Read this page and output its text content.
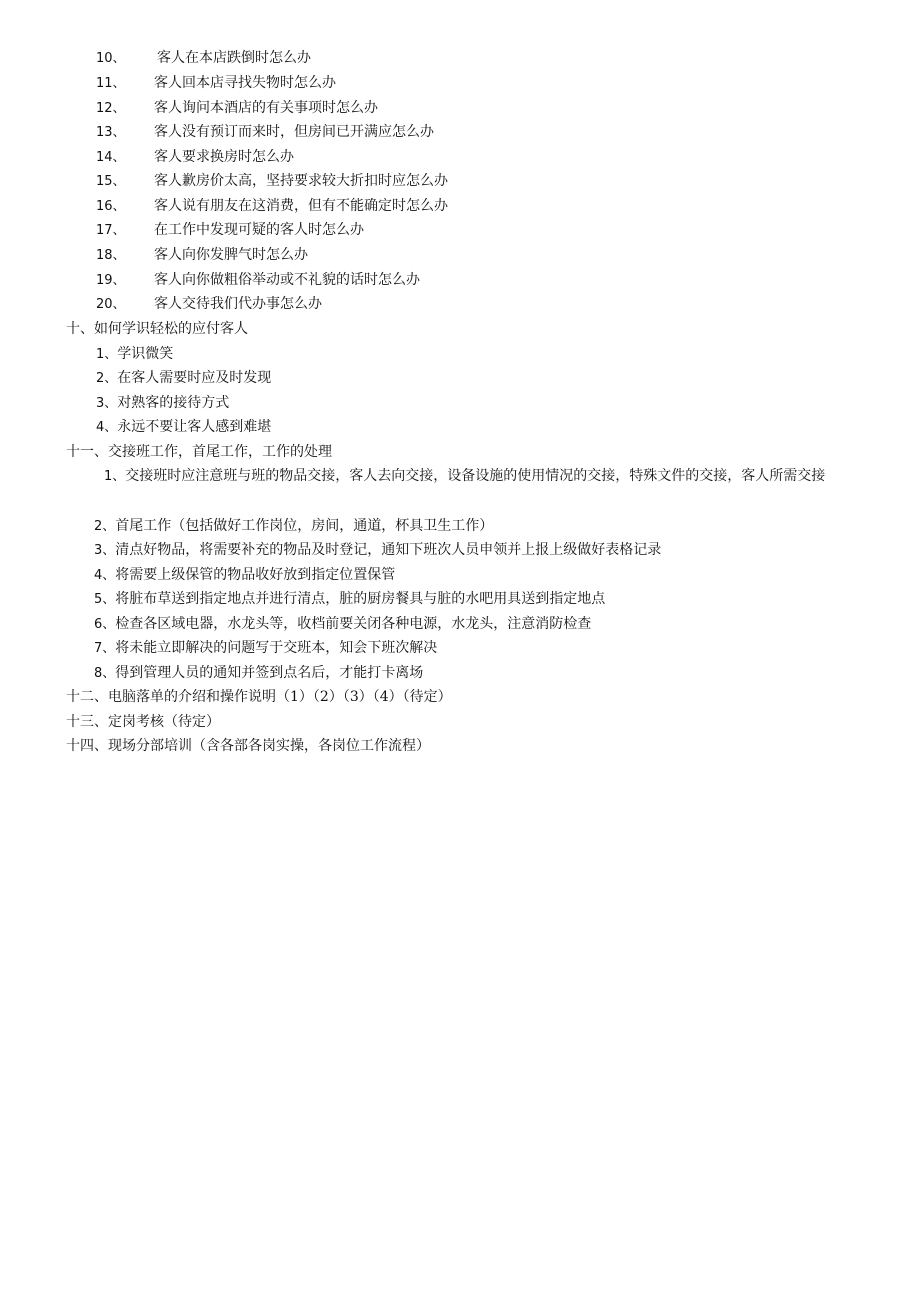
10、 客人在本店跌倒时怎么办
11、 客人回本店寻找失物时怎么办
12、 客人询问本酒店的有关事项时怎么办
13、 客人没有预订而来时，但房间已开满应怎么办
14、 客人要求换房时怎么办
15、 客人歉房价太高，坚持要求较大折扣时应怎么办
16、 客人说有朋友在这消费，但有不能确定时怎么办
17、 在工作中发现可疑的客人时怎么办
18、 客人向你发脾气时怎么办
19、 客人向你做粗俗举动或不礼貌的话时怎么办
20、 客人交待我们代办事怎么办
十、如何学识轻松的应付客人
1、学识微笑
2、在客人需要时应及时发现
3、对熟客的接待方式
4、永远不要让客人感到难堪
十一、交接班工作，首尾工作，工作的处理
1、交接班时应注意班与班的物品交接，客人去向交接，设备设施的使用情况的交接，特殊文件的交接，客人所需交接
2、首尾工作（包括做好工作岗位，房间，通道，杯具卫生工作）
3、清点好物品，将需要补充的物品及时登记，通知下班次人员申领并上报上级做好表格记录
4、将需要上级保管的物品收好放到指定位置保管
5、将脏布草送到指定地点并进行清点，脏的厨房餐具与脏的水吧用具送到指定地点
6、检查各区域电器，水龙头等，收档前要关闭各种电源，水龙头，注意消防检查
7、将未能立即解决的问题写于交班本，知会下班次解决
8、得到管理人员的通知并签到点名后，才能打卡离场
十二、电脑落单的介绍和操作说明（1）（2）（3）（4）（待定）
十三、定岗考核（待定）
十四、现场分部培训（含各部各岗实操，各岗位工作流程）
